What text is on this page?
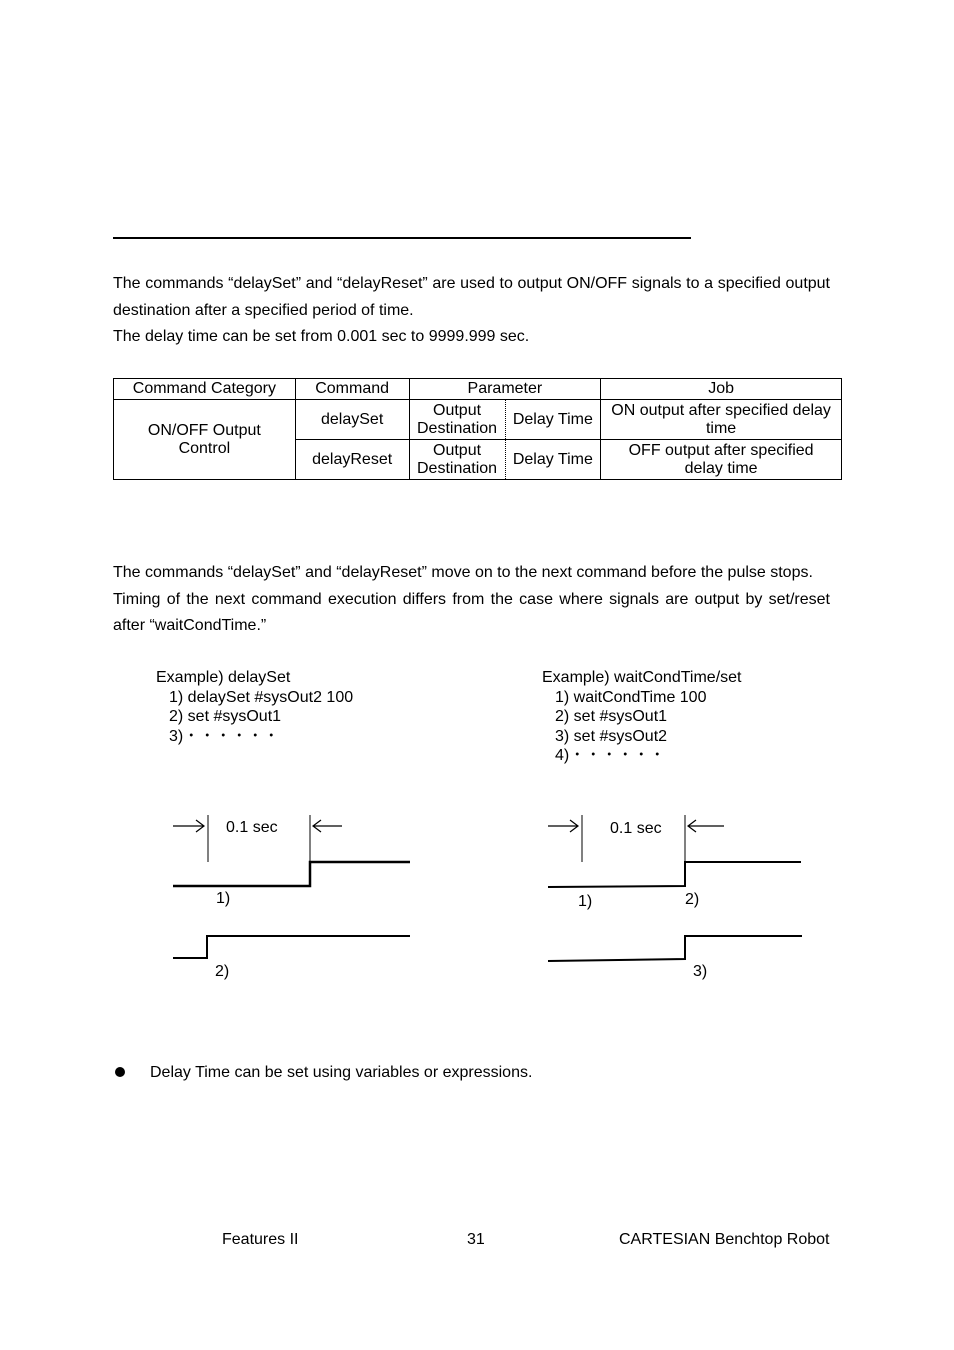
The commands “delaySet” and “delayReset” are used to output ON/OFF signals to a specified output destination after a specified period of time.

The delay time can be set from 0.001 sec to 9999.999 sec.

Command Category	Command	Parameter		Job
ON/OFF Output Control	delaySet	Output Destination	Delay Time	ON output after specified delay time
	delayReset	Output Destination	Delay Time	OFF output after specified delay time

The commands “delaySet” and “delayReset” move on to the next command before the pulse stops.

Timing of the next command execution differs from the case where signals are output by set/reset after “waitCondTime.”

Example) delaySet
1) delaySet #sysOut2 100
2) set #sysOut1
3)・・・・・・
Example) waitCondTime/set
1) waitCondTime 100
2) set #sysOut1
3) set #sysOut2
4)・・・・・・
0.1 sec
1)
2)
0.1 sec
1)	2)
3)
Delay Time can be set using variables or expressions.
Features II	31	CARTESIAN Benchtop Robot
